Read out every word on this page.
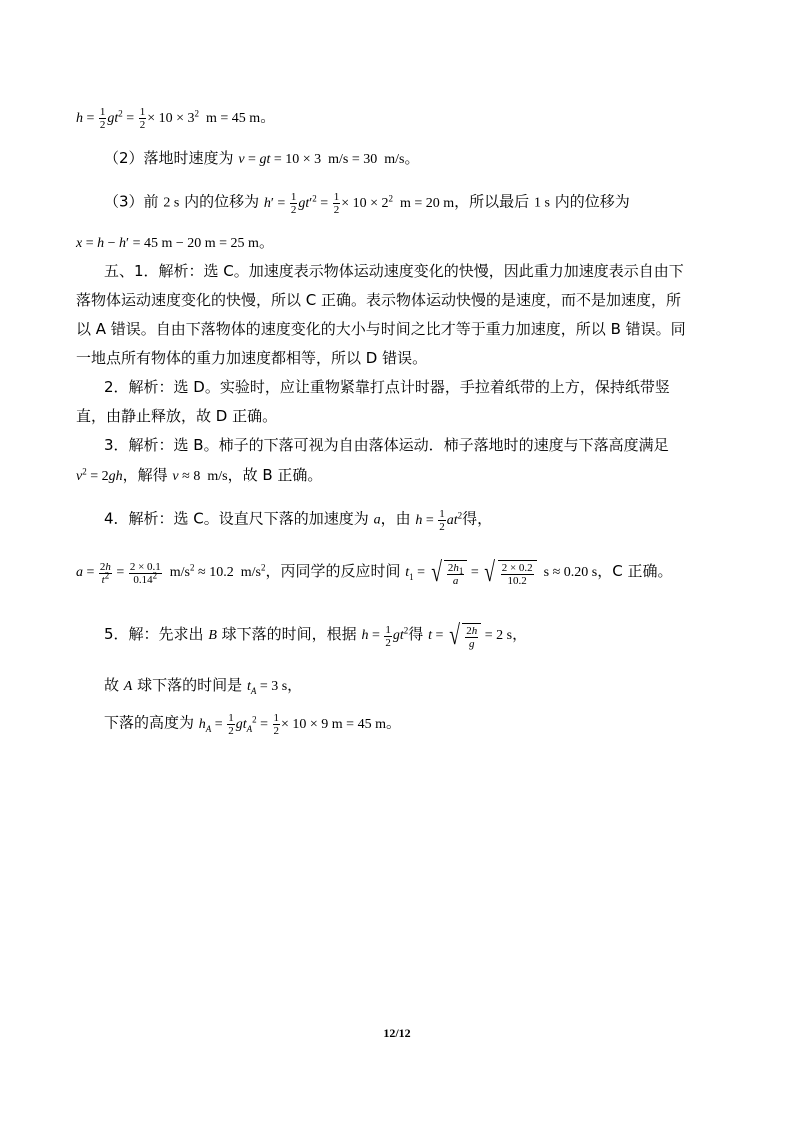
$h = \frac{1}{2} gt^2 = \frac{1}{2} \times 10 \times 3^2$  m = 45 m。
（2）落地时速度为 v = gt = 10 × 3  m/s = 30  m/s。
（3）前 2 s 内的位移为 $h' = \frac{1}{2} gt'^2 = \frac{1}{2} \times 10 \times 2^2$  m = 20 m，所以最后 1 s 内的位移为
x = h − h′ = 45 m − 20 m = 25 m。
五、1．解析：选 C。加速度表示物体运动速度变化的快慢，因此重力加速度表示自由下
落物体运动速度变化的快慢，所以 C 正确。表示物体运动快慢的是速度，而不是加速度，所
以 A 错误。自由下落物体的速度变化的大小与时间之比才等于重力加速度，所以 B 错误。同
一地点所有物体的重力加速度都相等，所以 D 错误。
2．解析：选 D。实验时，应让重物紧靠打点计时器，手拉着纸带的上方，保持纸带竖
直，由静止释放，故 D 正确。
3．解析：选 B。柿子的下落可视为自由落体运动．柿子落地时的速度与下落高度满足
$v^2 = 2gh$，解得 v ≈ 8  m/s，故 B 正确。
4．解析：选 C。设直尺下落的加速度为 a，由 $h = \frac{1}{2} at^2$得，
$a = \frac{2h}{t^2} = \frac{2 \times 0.1}{0.14^2} m/s^2 \approx 10.2$  $m/s^2$，丙同学的反应时间 $t_1$ = √ $\frac{2h_1}{a}$ = √ $\frac{2 \times 0.2}{10.2}$ s ≈ 0.20 s，C 正确。
5．解：先求出 B 球下落的时间，根据 $h = \frac{1}{2} gt^2$得 t = √ $\frac{2h}{g} = 2$ s，
故 A 球下落的时间是 $t_A = 3$ s，
下落的高度为 $h_A = \frac{1}{2} gt_A^2 = \frac{1}{2} \times 10 \times 9$ m = 45 m。
12/12
